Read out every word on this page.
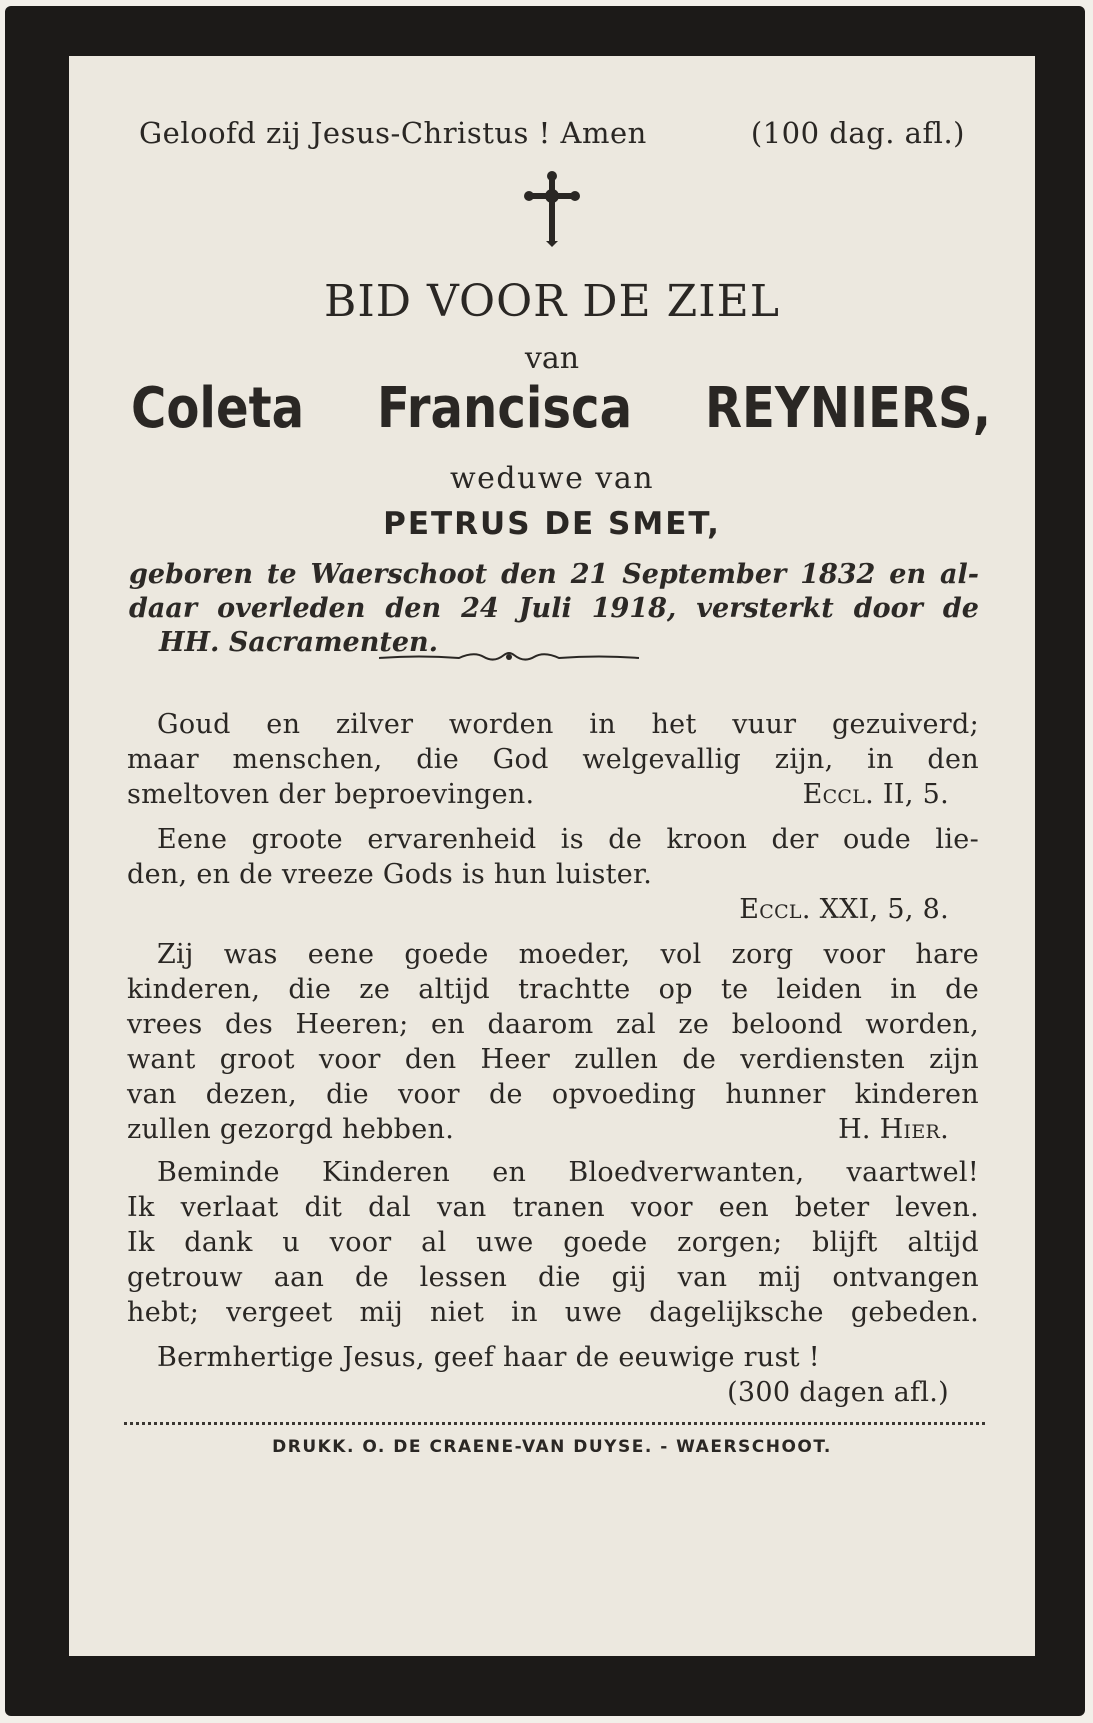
Geloofd zij Jesus-Christus ! Amen	(100 dag. afl.)
BID VOOR DE ZIEL
van
Coleta Francisca REYNIERS,
weduwe van
PETRUS DE SMET,
geboren te Waerschoot den 21 September 1832 en al-
daar overleden den 24 Juli 1918, versterkt door de
HH. Sacramenten.
Goud en zilver worden in het vuur gezuiverd;
maar menschen, die God welgevallig zijn, in den
smeltoven der beproevingen.	Eccl. II, 5.
Eene groote ervarenheid is de kroon der oude lie-
den, en de vreeze Gods is hun luister.
Eccl. XXI, 5, 8.
Zij was eene goede moeder, vol zorg voor hare
kinderen, die ze altijd trachtte op te leiden in de
vrees des Heeren; en daarom zal ze beloond worden,
want groot voor den Heer zullen de verdiensten zijn
van dezen, die voor de opvoeding hunner kinderen
zullen gezorgd hebben.	H. Hier.
Beminde Kinderen en Bloedverwanten, vaartwel!
Ik verlaat dit dal van tranen voor een beter leven.
Ik dank u voor al uwe goede zorgen; blijft altijd
getrouw aan de lessen die gij van mij ontvangen
hebt; vergeet mij niet in uwe dagelijksche gebeden.
Bermhertige Jesus, geef haar de eeuwige rust !
(300 dagen afl.)
DRUKK. O. DE CRAENE-VAN DUYSE. - WAERSCHOOT.
